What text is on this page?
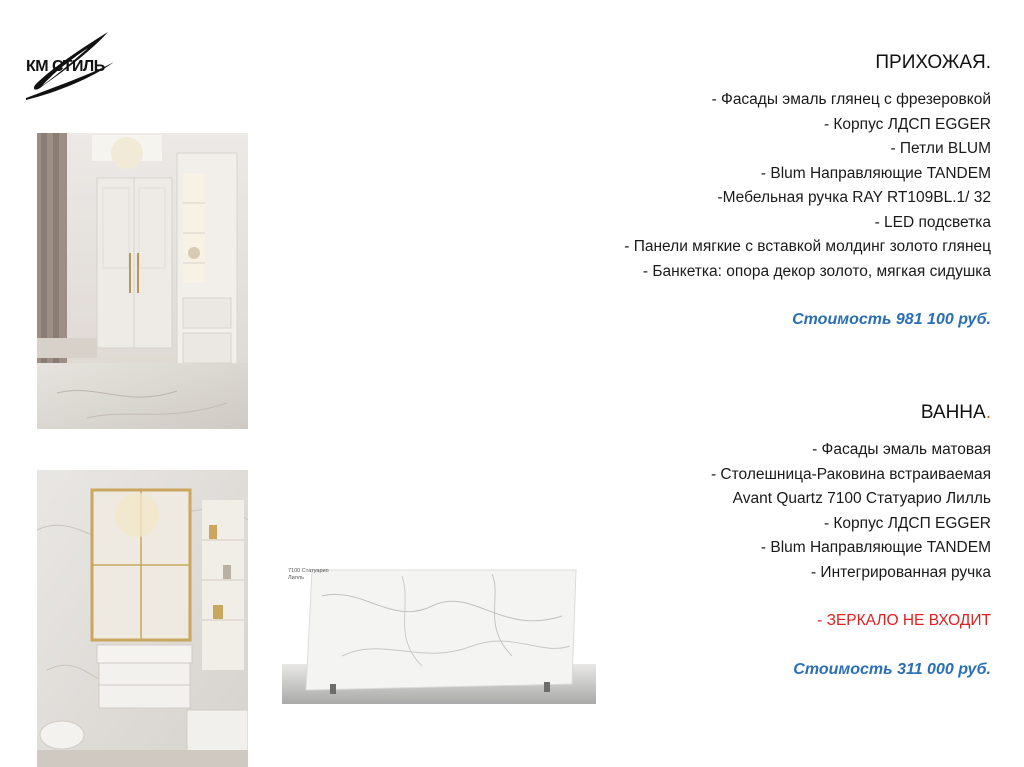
КМ СТИЛЬ
7100 Статуарио
Лилль
ПРИХОЖАЯ.
- Фасады эмаль глянец с фрезеровкой
- Корпус ЛДСП EGGER
- Петли BLUM
- Blum Направляющие TANDEM
-Мебельная ручка RAY RT109BL.1/ 32
- LED подсветка
- Панели мягкие с вставкой молдинг золото глянец
- Банкетка: опора декор золото, мягкая сидушка
Стоимость 981 100 руб.
ВАННА.
- Фасады эмаль матовая
- Столешница-Раковина встраиваемая
Avant Quartz 7100 Статуарио Лилль
- Корпус ЛДСП EGGER
- Blum Направляющие TANDEM
- Интегрированная ручка
- ЗЕРКАЛО НЕ ВХОДИТ
Стоимость 311 000 руб.
